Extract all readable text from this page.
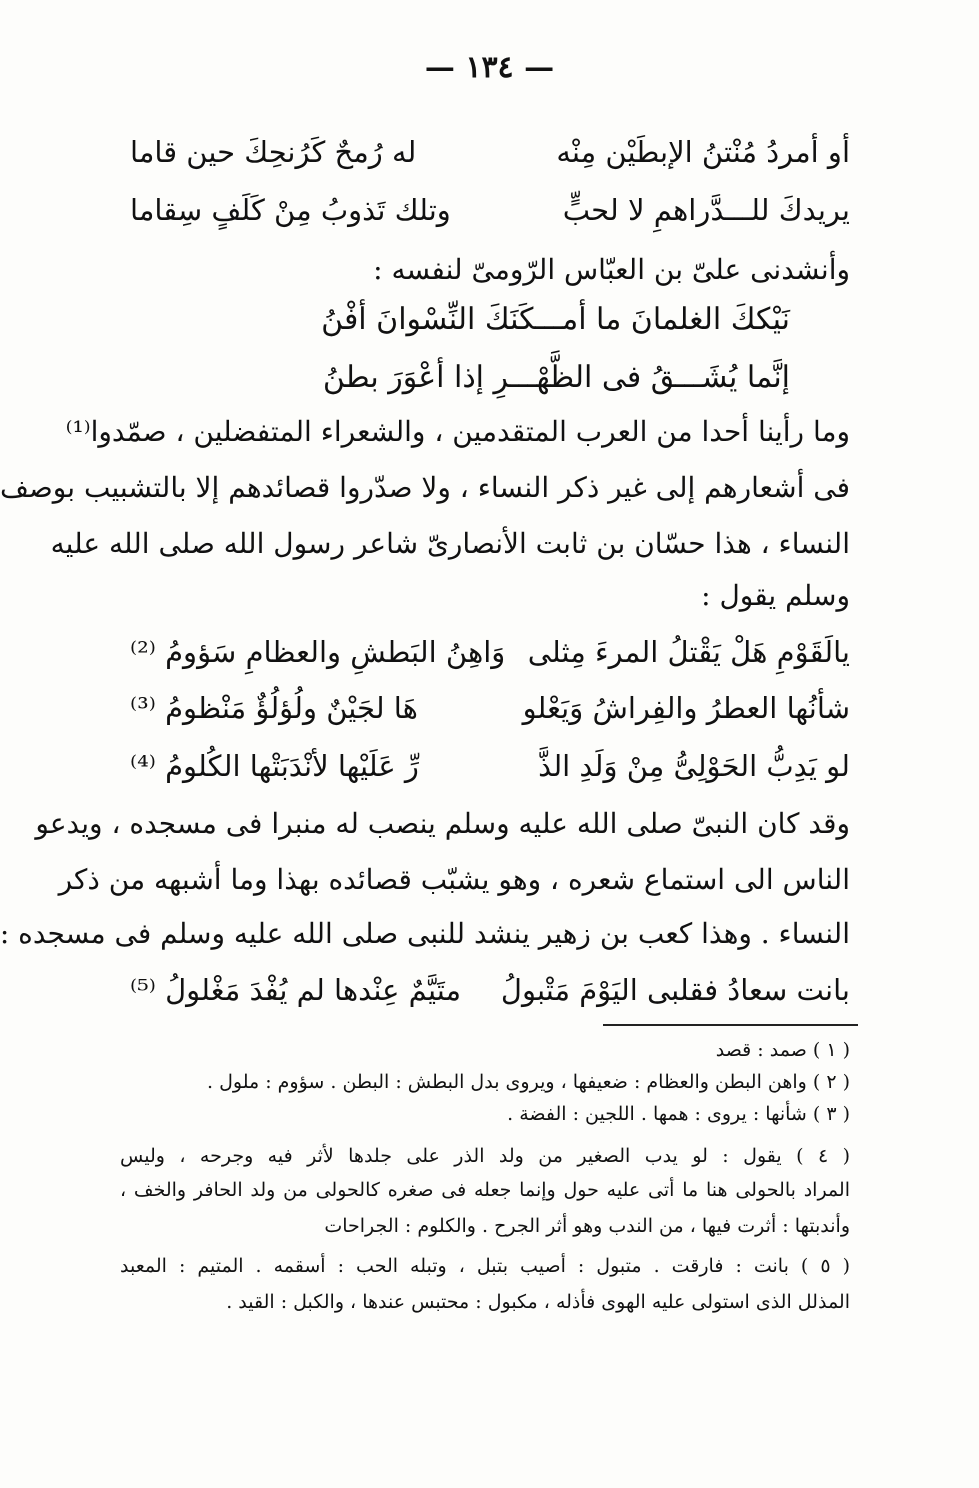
— ١٣٤ —
أو أمردُ مُنْتنُ الإبطَيْن مِنْه
له رُمحٌ كَرُنحِكَ حين قاما
يريدكَ للـــدَّراهمِ لا لحبٍّ
وتلك تَذوبُ مِنْ كَلَفٍ سِقاما
وأنشدنى علىّ بن العبّاس الرّومىّ لنفسه :
نَيْككَ الغلمانَ ما أمـــكَنَكَ النِّسْوانَ أفْنُ
إنَّما يُشَـــقُ فى الظَّهْـــرِ إذا أعْوَرَ بطنُ
وما رأينا أحدا من العرب المتقدمين ، والشعراء المتفضلين ، صمّدوا⁽¹⁾
فى أشعارهم إلى غير ذكر النساء ، ولا صدّروا قصائدهم إلا بالتشبيب بوصف
النساء ، هذا حسّان بن ثابت الأنصارىّ شاعر رسول الله صلى الله عليه
وسلم يقول :
يالَقَوْمِ هَلْ يَقْتلُ المرءَ مِثلى
وَاهِنُ البَطشِ والعظامِ سَؤومُ ⁽²⁾
شأنُها العطرُ والفِراشُ وَيَعْلو
هَا لجَيْنٌ ولُؤلُؤٌ مَنْظومُ ⁽³⁾
لو يَدِبُّ الحَوْلِىُّ مِنْ وَلَدِ الذَّ
رِّ عَلَيْها لأنْدَبَتْها الكُلومُ ⁽⁴⁾
وقد كان النبىّ صلى الله عليه وسلم ينصب له منبرا فى مسجده ، ويدعو
الناس الى استماع شعره ، وهو يشبّب قصائده بهذا وما أشبهه من ذكر
النساء . وهذا كعب بن زهير ينشد للنبى صلى الله عليه وسلم فى مسجده :
بانت سعادُ فقلبى اليَوْمَ مَتْبولُ
متَيَّمٌ عِنْدها لم يُفْدَ مَغْلولُ ⁽⁵⁾
( ١ ) صمد : قصد
( ٢ ) واهن البطن والعظام : ضعيفها ، ويروى بدل البطش : البطن . سؤوم : ملول .
( ٣ ) شأنها : يروى : همها . اللجين : الفضة .
( ٤ ) يقول : لو يدب الصغير من ولد الذر على جلدها لأثر فيه وجرحه ، وليس
المراد بالحولى هنا ما أتى عليه حول وإنما جعله فى صغره كالحولى من ولد الحافر والخف ،
وأندبتها : أثرت فيها ، من الندب وهو أثر الجرح . والكلوم : الجراحات
( ٥ ) بانت : فارقت . متبول : أصيب بتبل ، وتبله الحب : أسقمه . المتيم : المعبد
المذلل الذى استولى عليه الهوى فأذله ، مكبول : محتبس عندها ، والكبل : القيد .
